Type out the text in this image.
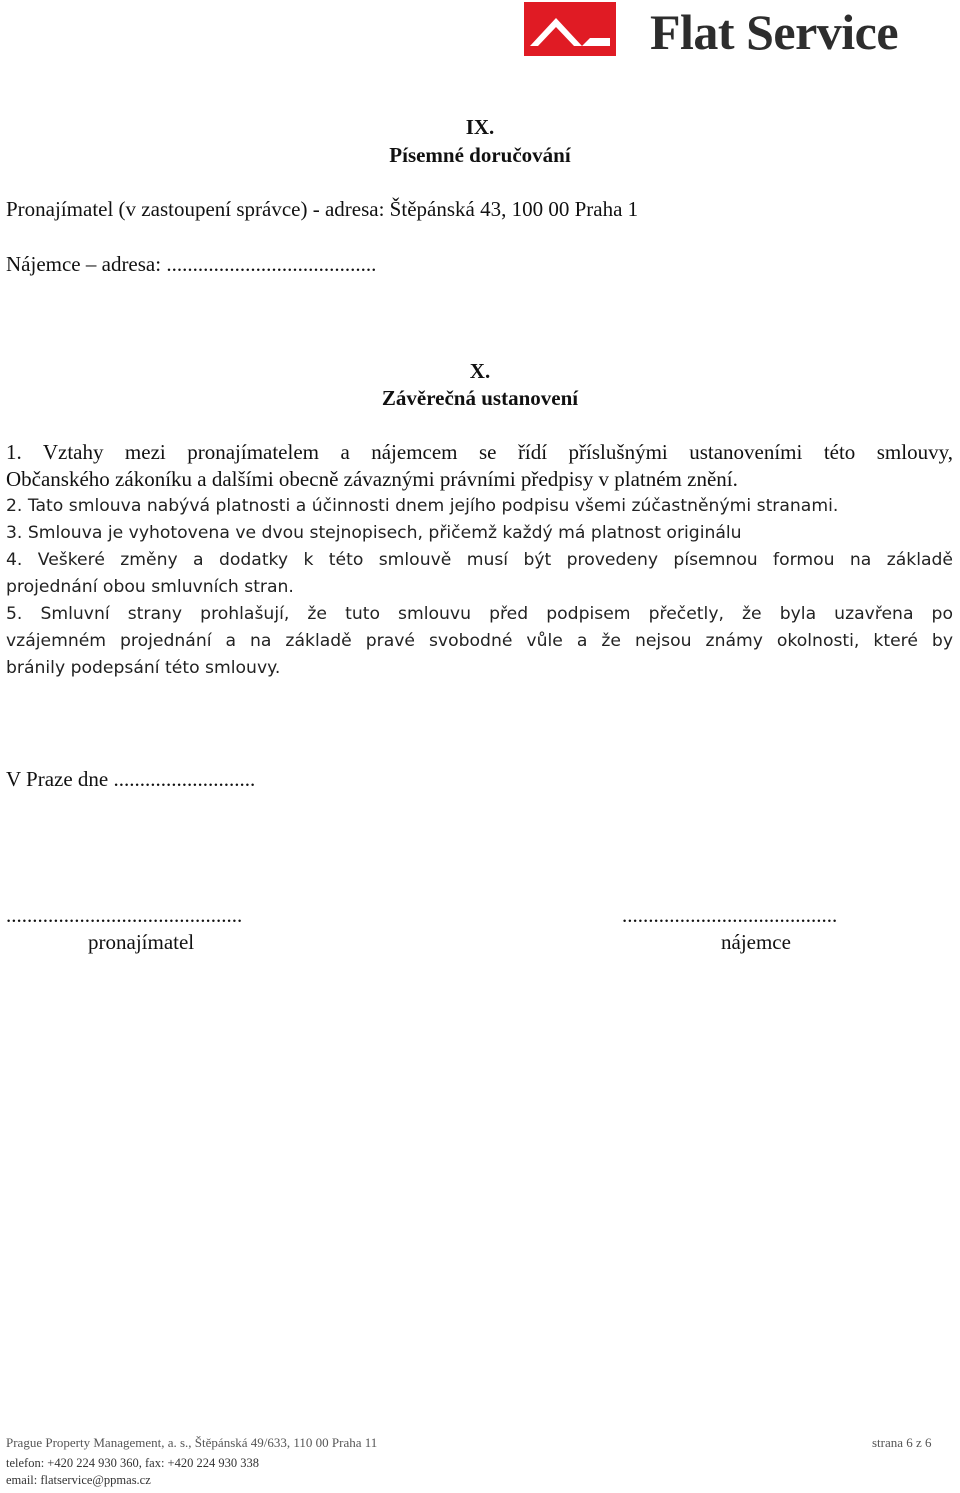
Flat Service
IX.
Písemné doručování
Pronajímatel (v zastoupení správce) - adresa: Štěpánská 43, 100 00 Praha 1
Nájemce – adresa: ........................................
X.
Závěrečná ustanovení
1. Vztahy mezi pronajímatelem a nájemcem se řídí příslušnými ustanoveními této smlouvy,
Občanského zákoníku a dalšími obecně závaznými právními předpisy v platném znění.
2. Tato smlouva nabývá platnosti a účinnosti dnem jejího podpisu všemi zúčastněnými stranami.
3. Smlouva je vyhotovena ve dvou stejnopisech, přičemž každý má platnost originálu
4. Veškeré změny a dodatky k této smlouvě musí být provedeny písemnou formou na základě
projednání obou smluvních stran.
5. Smluvní strany prohlašují, že tuto smlouvu před podpisem přečetly, že byla uzavřena po
vzájemném projednání a na základě pravé svobodné vůle a že nejsou známy okolnosti, které by
bránily podepsání této smlouvy.
V Praze dne ...........................
.............................................
pronajímatel
.........................................
nájemce
Prague Property Management, a. s., Štěpánská 49/633, 110 00 Praha 11	strana 6 z 6
telefon: +420 224 930 360, fax: +420 224 930 338
email: flatservice@ppmas.cz
